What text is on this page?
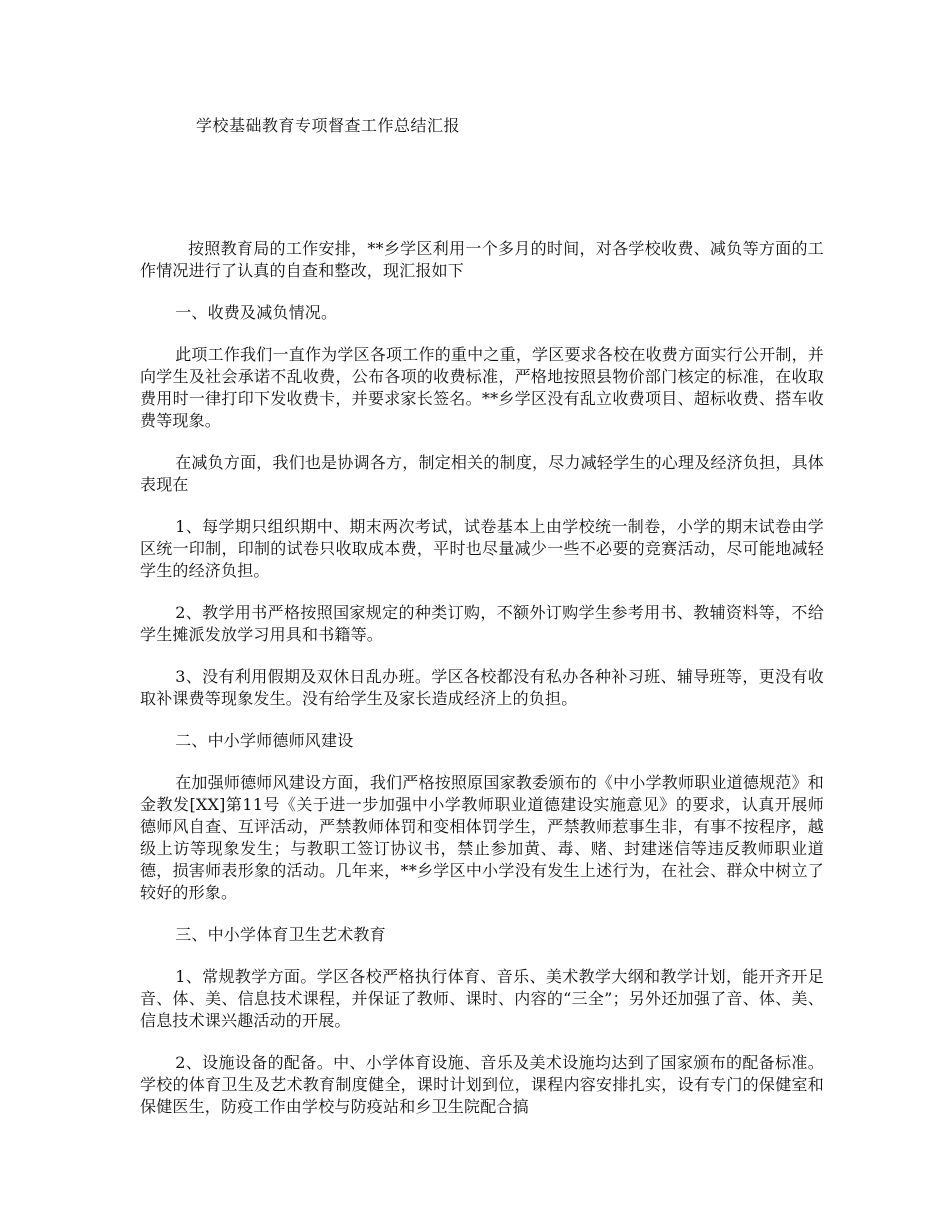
学校基础教育专项督查工作总结汇报

按照教育局的工作安排，**乡学区利用一个多月的时间，对各学校收费、减负等方面的工作情况进行了认真的自查和整改，现汇报如下

一、收费及减负情况。

此项工作我们一直作为学区各项工作的重中之重，学区要求各校在收费方面实行公开制，并向学生及社会承诺不乱收费，公布各项的收费标准，严格地按照县物价部门核定的标准，在收取费用时一律打印下发收费卡，并要求家长签名。**乡学区没有乱立收费项目、超标收费、搭车收费等现象。

在减负方面，我们也是协调各方，制定相关的制度，尽力减轻学生的心理及经济负担，具体表现在

1、每学期只组织期中、期末两次考试，试卷基本上由学校统一制卷，小学的期末试卷由学区统一印制，印制的试卷只收取成本费，平时也尽量减少一些不必要的竞赛活动，尽可能地减轻学生的经济负担。

2、教学用书严格按照国家规定的种类订购，不额外订购学生参考用书、教辅资料等，不给学生摊派发放学习用具和书籍等。

3、没有利用假期及双休日乱办班。学区各校都没有私办各种补习班、辅导班等，更没有收取补课费等现象发生。没有给学生及家长造成经济上的负担。

二、中小学师德师风建设

在加强师德师风建设方面，我们严格按照原国家教委颁布的《中小学教师职业道德规范》和金教发[XX]第11号《关于进一步加强中小学教师职业道德建设实施意见》的要求，认真开展师德师风自查、互评活动，严禁教师体罚和变相体罚学生，严禁教师惹事生非，有事不按程序，越级上访等现象发生；与教职工签订协议书，禁止参加黄、毒、赌、封建迷信等违反教师职业道德，损害师表形象的活动。几年来，**乡学区中小学没有发生上述行为，在社会、群众中树立了较好的形象。

三、中小学体育卫生艺术教育

1、常规教学方面。学区各校严格执行体育、音乐、美术教学大纲和教学计划，能开齐开足音、体、美、信息技术课程，并保证了教师、课时、内容的“三全”；另外还加强了音、体、美、信息技术课兴趣活动的开展。

2、设施设备的配备。中、小学体育设施、音乐及美术设施均达到了国家颁布的配备标准。学校的体育卫生及艺术教育制度健全，课时计划到位，课程内容安排扎实，设有专门的保健室和保健医生，防疫工作由学校与防疫站和乡卫生院配合搞
